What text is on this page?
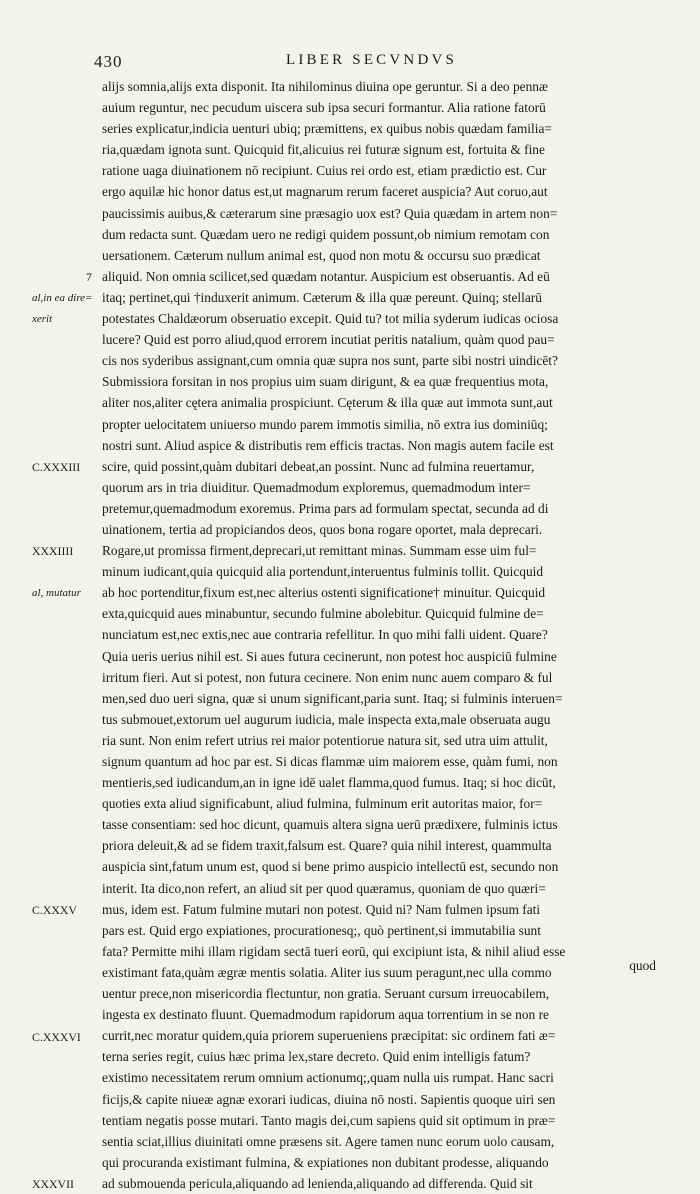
430	LIBER SECVNDVS
7
al,in ea dire=
xerit
C.XXXIII
XXXIIII
al, mutatur
C.XXXV
C.XXXVI
XXXVII
alijs somnia,alijs exta disponit. Ita nihilominus diuina ope geruntur. Si a deo pennæ
auium reguntur, nec pecudum uiscera sub ipsa securi formantur. Alia ratione fatorū
series explicatur,indicia uenturi ubiq; præmittens, ex quibus nobis quædam familia=
ria,quædam ignota sunt. Quicquid fit,alicuius rei futuræ signum est, fortuita & fine
ratione uaga diuinationem nō recipiunt. Cuius rei ordo est, etiam prædictio est. Cur
ergo aquilæ hic honor datus est,ut magnarum rerum faceret auspicia? Aut coruo,aut
paucissimis auibus,& cæterarum sine præsagio uox est? Quia quædam in artem non=
dum redacta sunt. Quædam uero ne redigi quidem possunt,ob nimium remotam con
uersationem. Cæterum nullum animal est, quod non motu & occursu suo prædicat
aliquid. Non omnia scilicet,sed quædam notantur. Auspicium est obseruantis. Ad eū
itaq; pertinet,qui †induxerit animum. Cæterum & illa quæ pereunt. Quinq; stellarū
potestates Chaldæorum obseruatio excepit. Quid tu? tot milia syderum iudicas ociosa
lucere? Quid est porro aliud,quod errorem incutiat peritis natalium, quàm quod pau=
cis nos syderibus assignant,cum omnia quæ supra nos sunt, parte sibi nostri uindicēt?
Submissiora forsitan in nos propius uim suam dirigunt, & ea quæ frequentius mota,
aliter nos,aliter cętera animalia prospiciunt. Cęterum & illa quæ aut immota sunt,aut
propter uelocitatem uniuerso mundo parem immotis similia, nō extra ius dominiūq;
nostri sunt. Aliud aspice & distributis rem efficis tractas. Non magis autem facile est
scire, quid possint,quàm dubitari debeat,an possint. Nunc ad fulmina reuertamur,
quorum ars in tria diuiditur. Quemadmodum exploremus, quemadmodum inter=
pretemur,quemadmodum exoremus. Prima pars ad formulam spectat, secunda ad di
uinationem, tertia ad propiciandos deos, quos bona rogare oportet, mala deprecari.
Rogare,ut promissa firment,deprecari,ut remittant minas. Summam esse uim ful=
minum iudicant,quia quicquid alia portendunt,interuentus fulminis tollit. Quicquid
ab hoc portenditur,fixum est,nec alterius ostenti significatione† minuitur. Quicquid
exta,quicquid aues minabuntur, secundo fulmine abolebitur. Quicquid fulmine de=
nunciatum est,nec extis,nec aue contraria refellitur. In quo mihi falli uident. Quare?
Quia ueris uerius nihil est. Si aues futura cecinerunt, non potest hoc auspiciū fulmine
irritum fieri. Aut si potest, non futura cecinere. Non enim nunc auem comparo & ful
men,sed duo ueri signa, quæ si unum significant,paria sunt. Itaq; si fulminis interuen=
tus submouet,extorum uel augurum iudicia, male inspecta exta,male obseruata augu
ria sunt. Non enim refert utrius rei maior potentiorue natura sit, sed utra uim attulit,
signum quantum ad hoc par est. Si dicas flammæ uim maiorem esse, quàm fumi, non
mentieris,sed iudicandum,an in igne idē ualet flamma,quod fumus. Itaq; si hoc dicūt,
quoties exta aliud significabunt, aliud fulmina, fulminum erit autoritas maior, for=
tasse consentiam: sed hoc dicunt, quamuis altera signa uerū prædixere, fulminis ictus
priora deleuit,& ad se fidem traxit,falsum est. Quare? quia nihil interest, quammulta
auspicia sint,fatum unum est, quod si bene primo auspicio intellectū est, secundo non
interit. Ita dico,non refert, an aliud sit per quod quæramus, quoniam de quo quæri=
mus, idem est. Fatum fulmine mutari non potest. Quid ni? Nam fulmen ipsum fati
pars est. Quid ergo expiationes, procurationesq;, quò pertinent,si immutabilia sunt
fata? Permitte mihi illam rigidam sectā tueri eorū, qui excipiunt ista, & nihil aliud esse
existimant fata,quàm ægræ mentis solatia. Aliter ius suum peragunt,nec ulla commo
uentur prece,non misericordia flectuntur, non gratia. Seruant cursum irreuocabilem,
ingesta ex destinato fluunt. Quemadmodum rapidorum aqua torrentium in se non re
currit,nec moratur quidem,quia priorem superueniens præcipitat: sic ordinem fati æ=
terna series regit, cuius hæc prima lex,stare decreto. Quid enim intelligis fatum?
existimo necessitatem rerum omnium actionumq;,quam nulla uis rumpat. Hanc sacri
ficijs,& capite niueæ agnæ exorari iudicas, diuina nō nosti. Sapientis quoque uiri sen
tentiam negatis posse mutari. Tanto magis dei,cum sapiens quid sit optimum in præ=
sentia sciat,illius diuinitati omne præsens sit. Agere tamen nunc eorum uolo causam,
qui procuranda existimant fulmina, & expiationes non dubitant prodesse, aliquando
ad submouenda pericula,aliquando ad lenienda,aliquando ad differenda. Quid sit
quod
